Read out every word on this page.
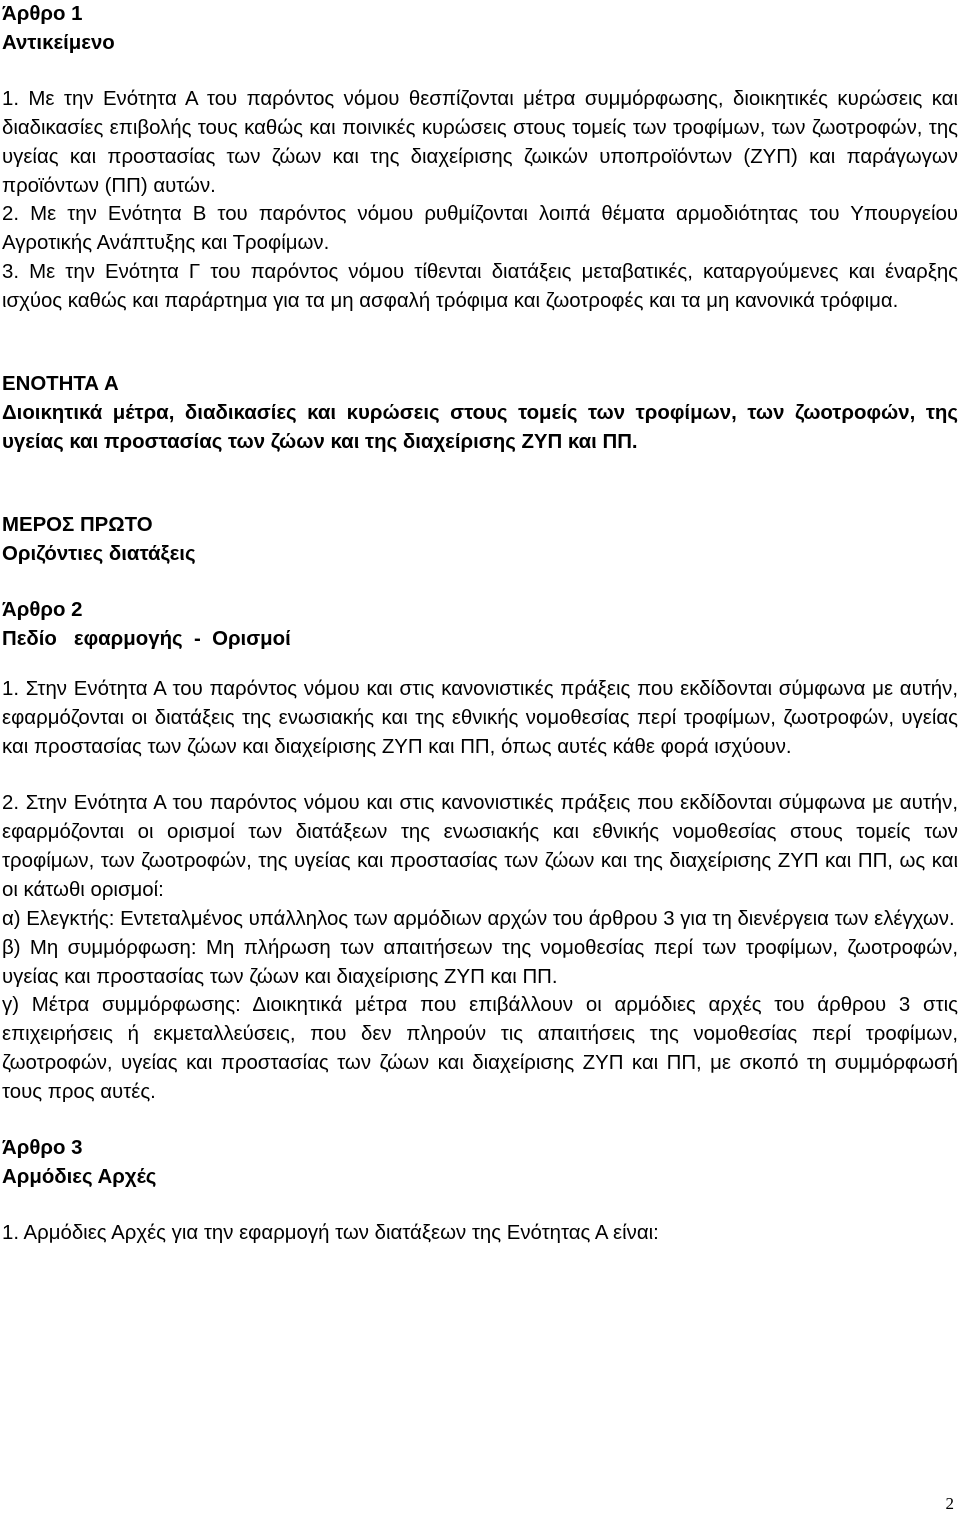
Άρθρο 1

Αντικείμενο

1. Με την Ενότητα Α του παρόντος νόμου θεσπίζονται μέτρα συμμόρφωσης, διοικητικές κυρώσεις και διαδικασίες επιβολής τους καθώς και ποινικές κυρώσεις στους τομείς των τροφίμων, των ζωοτροφών, της υγείας και προστασίας των ζώων και της διαχείρισης ζωικών υποπροϊόντων (ΖΥΠ) και παράγωγων προϊόντων (ΠΠ) αυτών.

2. Με την Ενότητα Β του παρόντος νόμου ρυθμίζονται λοιπά θέματα αρμοδιότητας του Υπουργείου Αγροτικής Ανάπτυξης και Τροφίμων.

3. Με την Ενότητα Γ του παρόντος νόμου τίθενται διατάξεις μεταβατικές, καταργούμενες και έναρξης ισχύος καθώς και παράρτημα για τα μη ασφαλή τρόφιμα και ζωοτροφές και τα μη κανονικά τρόφιμα.

ΕΝΟΤΗΤΑ Α

Διοικητικά μέτρα, διαδικασίες και κυρώσεις στους τομείς των τροφίμων, των ζωοτροφών, της υγείας και προστασίας των ζώων και της διαχείρισης ΖΥΠ και ΠΠ.

ΜΕΡΟΣ ΠΡΩΤΟ

Οριζόντιες διατάξεις

Άρθρο 2

Πεδίο   εφαρμογής  -  Ορισμοί

1. Στην Ενότητα Α του παρόντος νόμου και στις κανονιστικές πράξεις που εκδίδονται σύμφωνα με αυτήν, εφαρμόζονται οι διατάξεις της ενωσιακής και της εθνικής νομοθεσίας περί τροφίμων, ζωοτροφών, υγείας και προστασίας των ζώων και διαχείρισης ΖΥΠ και ΠΠ, όπως αυτές κάθε φορά ισχύουν.

2. Στην Ενότητα Α του παρόντος νόμου και στις κανονιστικές πράξεις που εκδίδονται σύμφωνα με αυτήν, εφαρμόζονται οι ορισμοί των διατάξεων της ενωσιακής και εθνικής νομοθεσίας στους τομείς των τροφίμων, των ζωοτροφών, της υγείας και προστασίας των ζώων και της διαχείρισης ΖΥΠ και ΠΠ, ως και οι κάτωθι ορισμοί:

α) Ελεγκτής: Εντεταλμένος υπάλληλος των αρμόδιων αρχών του άρθρου 3 για τη διενέργεια των ελέγχων.

β) Μη συμμόρφωση: Μη πλήρωση των απαιτήσεων της νομοθεσίας περί των τροφίμων, ζωοτροφών, υγείας και προστασίας των ζώων και διαχείρισης ΖΥΠ και ΠΠ.

γ) Μέτρα συμμόρφωσης: Διοικητικά μέτρα που επιβάλλουν οι αρμόδιες αρχές του άρθρου 3 στις επιχειρήσεις ή εκμεταλλεύσεις, που δεν πληρούν τις απαιτήσεις της νομοθεσίας περί τροφίμων, ζωοτροφών, υγείας και προστασίας των ζώων και διαχείρισης ΖΥΠ και ΠΠ, με σκοπό τη συμμόρφωσή τους προς αυτές.

Άρθρο 3

Αρμόδιες Αρχές

1. Αρμόδιες Αρχές για την εφαρμογή των διατάξεων της Ενότητας Α είναι:

2
